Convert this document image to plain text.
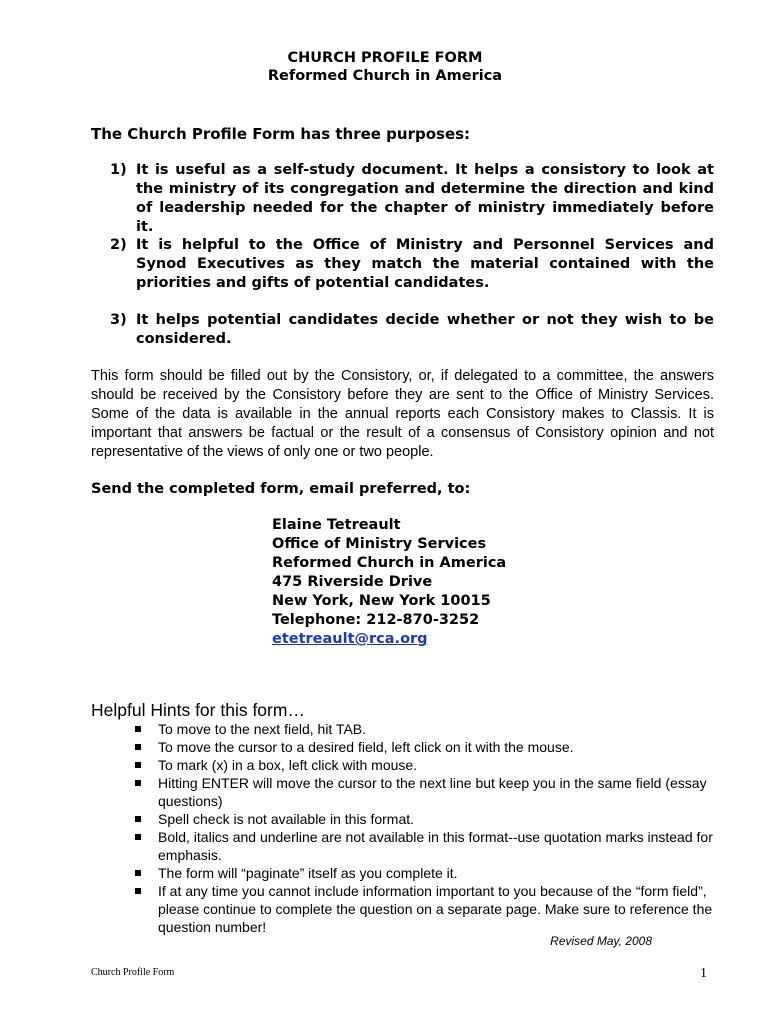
CHURCH PROFILE FORM
Reformed Church in America
The Church Profile Form has three purposes:
1) It is useful as a self-study document. It helps a consistory to look at the ministry of its congregation and determine the direction and kind of leadership needed for the chapter of ministry immediately before it.
2) It is helpful to the Office of Ministry and Personnel Services and Synod Executives as they match the material contained with the priorities and gifts of potential candidates.
3) It helps potential candidates decide whether or not they wish to be considered.
This form should be filled out by the Consistory, or, if delegated to a committee, the answers should be received by the Consistory before they are sent to the Office of Ministry Services. Some of the data is available in the annual reports each Consistory makes to Classis. It is important that answers be factual or the result of a consensus of Consistory opinion and not representative of the views of only one or two people.
Send the completed form, email preferred, to:
Elaine Tetreault
Office of Ministry Services
Reformed Church in America
475 Riverside Drive
New York, New York 10015
Telephone: 212-870-3252
etetreault@rca.org
Helpful Hints for this form…
To move to the next field, hit TAB.
To move the cursor to a desired field, left click on it with the mouse.
To mark (x) in a box, left click with mouse.
Hitting ENTER will move the cursor to the next line but keep you in the same field (essay questions)
Spell check is not available in this format.
Bold, italics and underline are not available in this format--use quotation marks instead for emphasis.
The form will “paginate” itself as you complete it.
If at any time you cannot include information important to you because of the “form field”, please continue to complete the question on a separate page. Make sure to reference the question number!
Revised May, 2008
Church Profile Form	1
